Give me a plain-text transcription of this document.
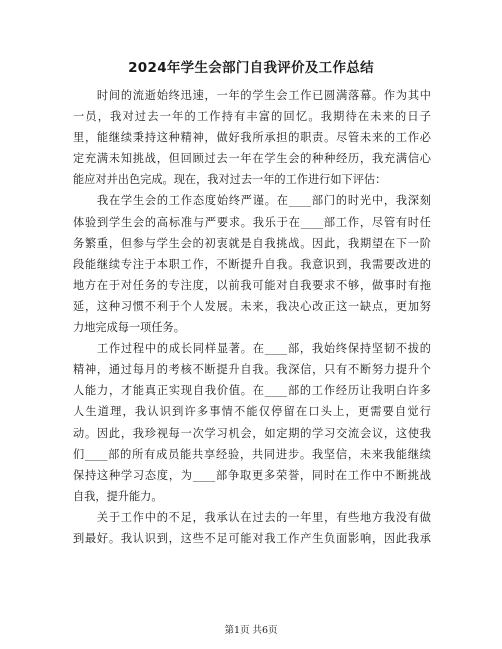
2024年学生会部门自我评价及工作总结
　　时间的流逝始终迅速，一年的学生会工作已圆满落幕。作为其中
一员，我对过去一年的工作持有丰富的回忆。我期待在未来的日子
里，能继续秉持这种精神，做好我所承担的职责。尽管未来的工作必
定充满未知挑战，但回顾过去一年在学生会的种种经历，我充满信心
能应对并出色完成。现在，我对过去一年的工作进行如下评估：
　　我在学生会的工作态度始终严谨。在____部门的时光中，我深刻
体验到学生会的高标准与严要求。我乐于在____部工作，尽管有时任
务繁重，但参与学生会的初衷就是自我挑战。因此，我期望在下一阶
段能继续专注于本职工作，不断提升自我。我意识到，我需要改进的
地方在于对任务的专注度，以前我可能对自我要求不够，做事时有拖
延，这种习惯不利于个人发展。未来，我决心改正这一缺点，更加努
力地完成每一项任务。
　　工作过程中的成长同样显著。在____部，我始终保持坚韧不拔的
精神，通过每月的考核不断提升自我。我深信，只有不断努力提升个
人能力，才能真正实现自我价值。在____部的工作经历让我明白许多
人生道理，我认识到许多事情不能仅停留在口头上，更需要自觉行
动。因此，我珍视每一次学习机会，如定期的学习交流会议，这使我
们____部的所有成员能共享经验，共同进步。我坚信，未来我能继续
保持这种学习态度，为____部争取更多荣誉，同时在工作中不断挑战
自我，提升能力。
　　关于工作中的不足，我承认在过去的一年里，有些地方我没有做
到最好。我认识到，这些不足可能对我工作产生负面影响，因此我承
第1页 共6页
